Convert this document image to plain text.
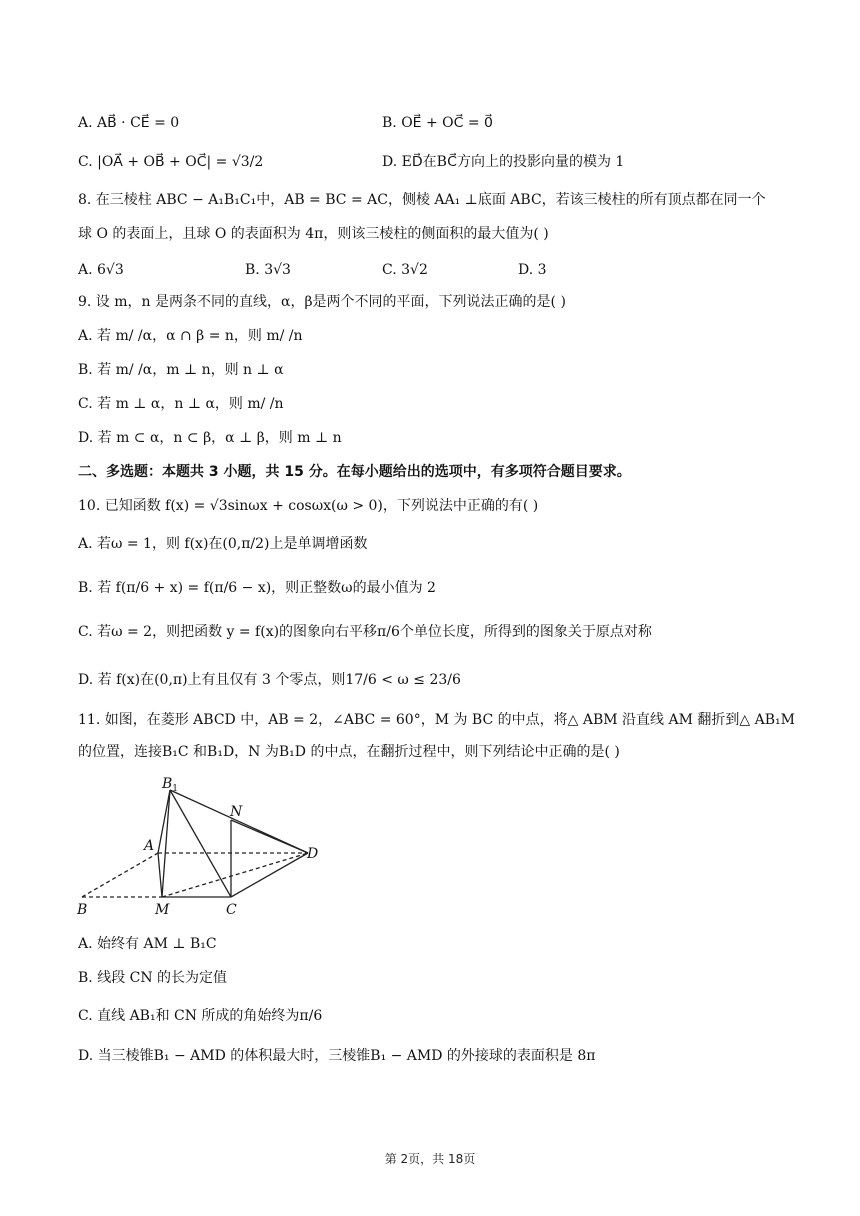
A. AB⃗ · CE⃗ = 0	B. OE⃗ + OC⃗ = 0⃗
C. |OA⃗ + OB⃗ + OC⃗| = √3/2	D. ED⃗在BC⃗方向上的投影向量的模为 1
8. 在三棱柱 ABC − A₁B₁C₁中，AB = BC = AC，侧棱 AA₁ ⊥底面 ABC，若该三棱柱的所有顶点都在同一个
球 O 的表面上，且球 O 的表面积为 4π，则该三棱柱的侧面积的最大值为( )
A. 6√3	B. 3√3	C. 3√2	D. 3
9. 设 m，n 是两条不同的直线，α，β是两个不同的平面，下列说法正确的是( )
A. 若 m/ /α，α ∩ β = n，则 m/ /n
B. 若 m/ /α，m ⊥ n，则 n ⊥ α
C. 若 m ⊥ α，n ⊥ α，则 m/ /n
D. 若 m ⊂ α，n ⊂ β，α ⊥ β，则 m ⊥ n
二、多选题：本题共 3 小题，共 15 分。在每小题给出的选项中，有多项符合题目要求。
10. 已知函数 f(x) = √3sinωx + cosωx(ω > 0)，下列说法中正确的有( )
A. 若ω = 1，则 f(x)在(0,π/2)上是单调增函数
B. 若 f(π/6 + x) = f(π/6 − x)，则正整数ω的最小值为 2
C. 若ω = 2，则把函数 y = f(x)的图象向右平移π/6个单位长度，所得到的图象关于原点对称
D. 若 f(x)在(0,π)上有且仅有 3 个零点，则17/6 < ω ≤ 23/6
11. 如图，在菱形 ABCD 中，AB = 2，∠ABC = 60°，M 为 BC 的中点，将△ ABM 沿直线 AM 翻折到△ AB₁M
的位置，连接B₁C 和B₁D，N 为B₁D 的中点，在翻折过程中，则下列结论中正确的是( )
$B_1$
N
A	D
B	M	C
A. 始终有 AM ⊥ B₁C
B. 线段 CN 的长为定值
C. 直线 AB₁和 CN 所成的角始终为π/6
D. 当三棱锥B₁ − AMD 的体积最大时，三棱锥B₁ − AMD 的外接球的表面积是 8π
第 2页，共 18页
